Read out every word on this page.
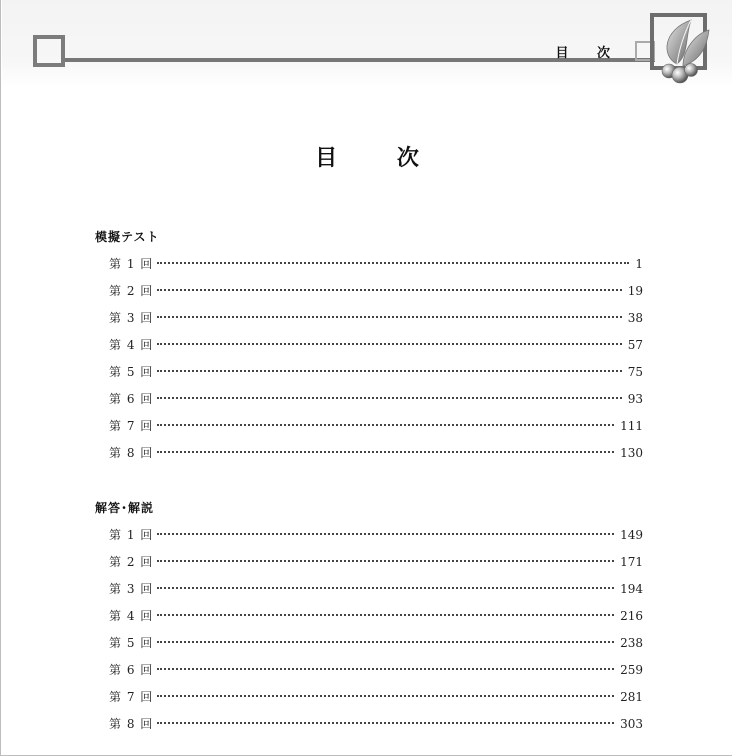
目 次
目 次
模擬テスト
第 1 回	1
第 2 回	19
第 3 回	38
第 4 回	57
第 5 回	75
第 6 回	93
第 7 回	111
第 8 回	130
解答･解説
第 1 回	149
第 2 回	171
第 3 回	194
第 4 回	216
第 5 回	238
第 6 回	259
第 7 回	281
第 8 回	303
